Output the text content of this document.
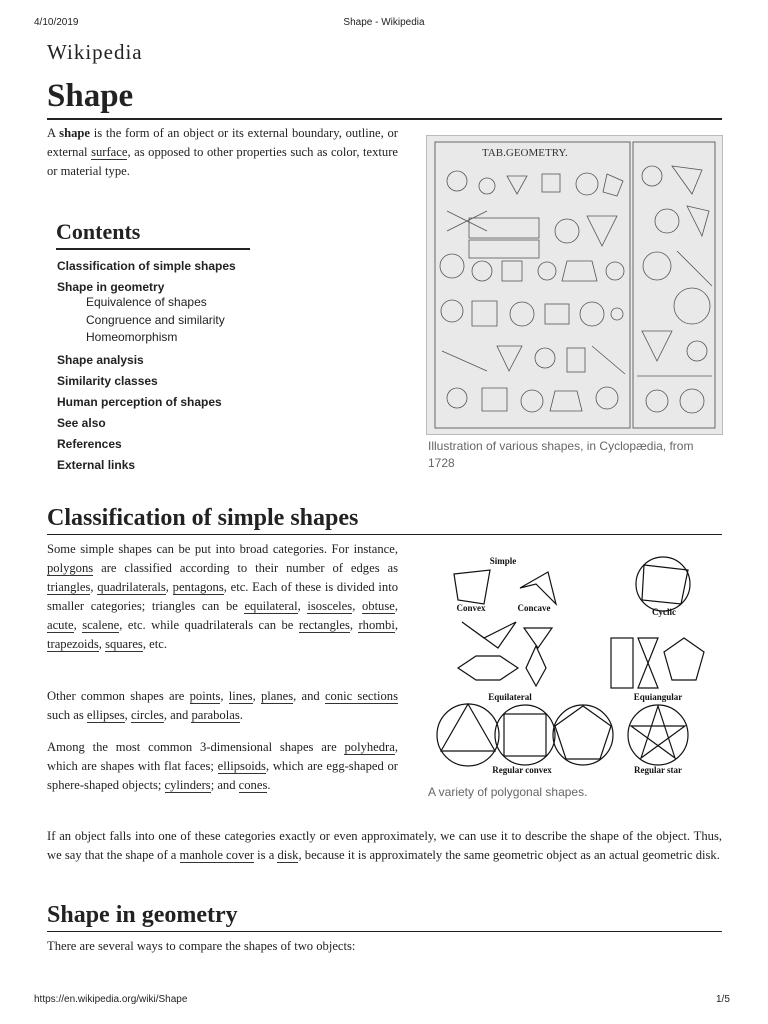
4/10/2019	Shape - Wikipedia
Wikipedia
Shape

A shape is the form of an object or its external boundary, outline, or external surface, as opposed to other properties such as color, texture or material type.

Contents
Classification of simple shapes
Shape in geometry
Equivalence of shapes
Congruence and similarity
Homeomorphism
Shape analysis
Similarity classes
Human perception of shapes
See also
References
External links
TAB.GEOMETRY.
Illustration of various shapes, in Cyclopædia, from 1728
Classification of simple shapes

Some simple shapes can be put into broad categories. For instance, polygons are classified according to their number of edges as triangles, quadrilaterals, pentagons, etc. Each of these is divided into smaller categories; triangles can be equilateral, isosceles, obtuse, acute, scalene, etc. while quadrilaterals can be rectangles, rhombi, trapezoids, squares, etc.

Other common shapes are points, lines, planes, and conic sections such as ellipses, circles, and parabolas.

Among the most common 3-dimensional shapes are polyhedra, which are shapes with flat faces; ellipsoids, which are egg-shaped or sphere-shaped objects; cylinders; and cones.

If an object falls into one of these categories exactly or even approximately, we can use it to describe the shape of the object. Thus, we say that the shape of a manhole cover is a disk, because it is approximately the same geometric object as an actual geometric disk.

Simple
Convex	Concave	Cyclic
Equilateral	Equiangular
Regular convex	Regular star
A variety of polygonal shapes.
Shape in geometry

There are several ways to compare the shapes of two objects:

https://en.wikipedia.org/wiki/Shape	1/5
